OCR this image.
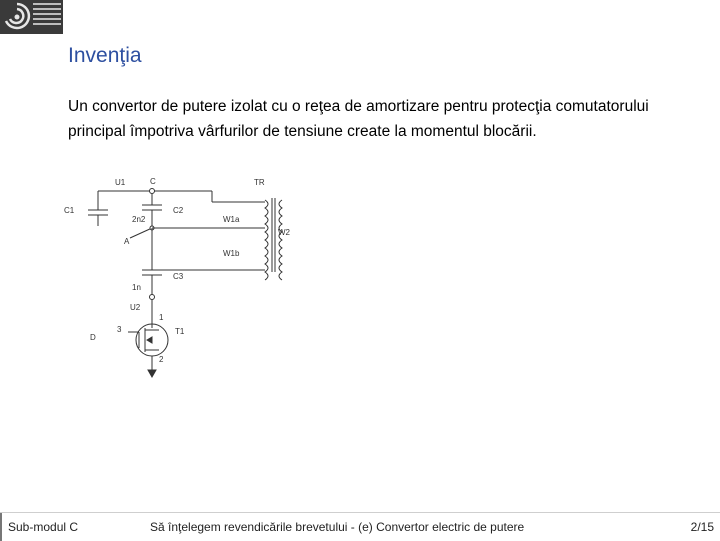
Invenţia
Un convertor de putere izolat cu o reţea de amortizare pentru protecţia comutatorului principal împotriva vârfurilor de tensiune create la momentul blocării.
U1	C	TR
C1	C2
2n2	W1a
W2
A
W1b
C3
1n
U2
D
1
3	T1
2
Sub-modul C	Să înţelegem revendicările brevetului - (e) Convertor electric de putere	2/15
